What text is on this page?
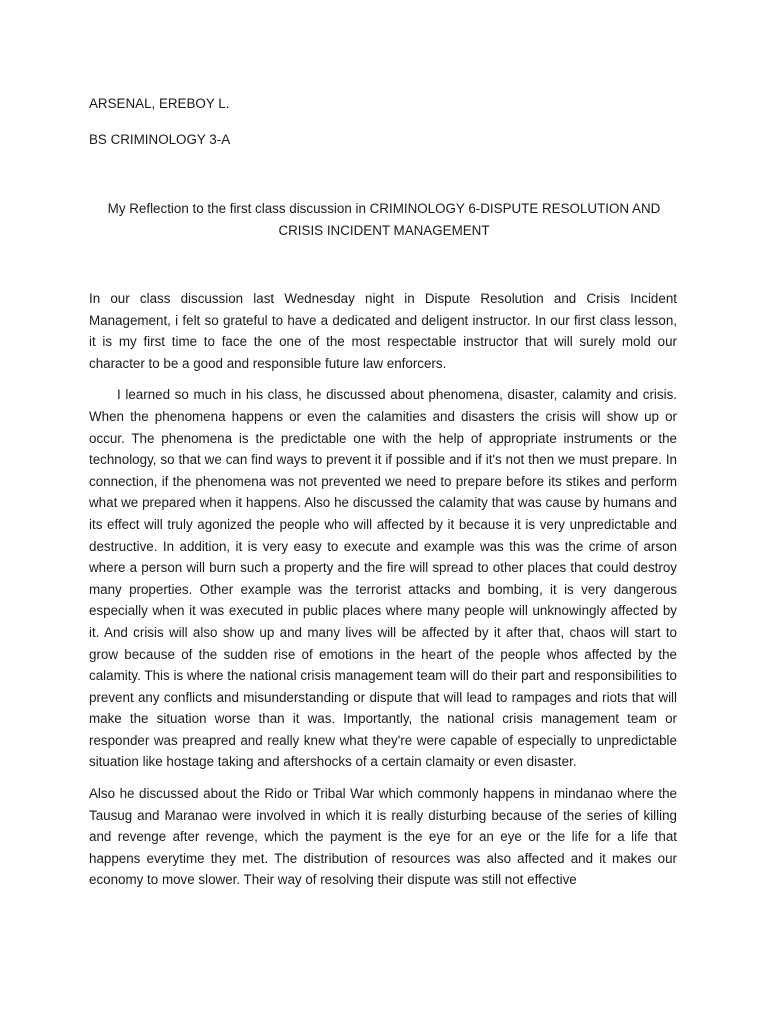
ARSENAL, EREBOY L.
BS CRIMINOLOGY 3-A
My Reflection to the first class discussion in CRIMINOLOGY 6-DISPUTE RESOLUTION AND CRISIS INCIDENT MANAGEMENT

In our class discussion last Wednesday night in Dispute Resolution and Crisis Incident Management, i felt so grateful to have a dedicated and deligent instructor. In our first class lesson, it is my first time to face the one of the most respectable instructor that will surely mold our character to be a good and responsible future law enforcers.

I learned so much in his class, he discussed about phenomena, disaster, calamity and crisis. When the phenomena happens or even the calamities and disasters the crisis will show up or occur. The phenomena is the predictable one with the help of appropriate instruments or the technology, so that we can find ways to prevent it if possible and if it's not then we must prepare. In connection, if the phenomena was not prevented we need to prepare before its stikes and perform what we prepared when it happens. Also he discussed the calamity that was cause by humans and its effect will truly agonized the people who will affected by it because it is very unpredictable and destructive. In addition, it is very easy to execute and example was this was the crime of arson where a person will burn such a property and the fire will spread to other places that could destroy many properties. Other example was the terrorist attacks and bombing, it is very dangerous especially when it was executed in public places where many people will unknowingly affected by it. And crisis will also show up and many lives will be affected by it after that, chaos will start to grow because of the sudden rise of emotions in the heart of the people whos affected by the calamity. This is where the national crisis management team will do their part and responsibilities to prevent any conflicts and misunderstanding or dispute that will lead to rampages and riots that will make the situation worse than it was. Importantly, the national crisis management team or responder was preapred and really knew what they're were capable of especially to unpredictable situation like hostage taking and aftershocks of a certain clamaity or even disaster.

Also he discussed about the Rido or Tribal War which commonly happens in mindanao where the Tausug and Maranao were involved in which it is really disturbing because of the series of killing and revenge after revenge, which the payment is the eye for an eye or the life for a life that happens everytime they met. The distribution of resources was also affected and it makes our economy to move slower. Their way of resolving their dispute was still not effective
